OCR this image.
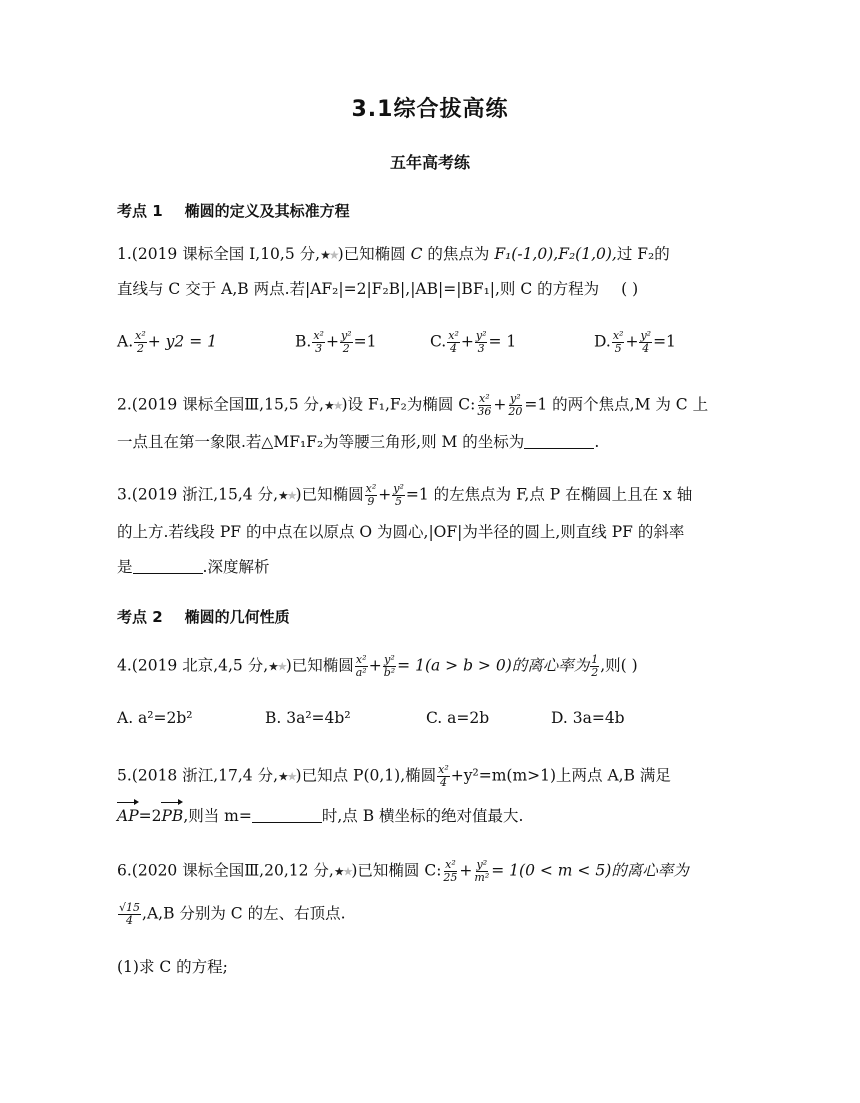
3.1综合拔高练
五年高考练
考点 1 椭圆的定义及其标准方程
1.(2019 课标全国 Ⅰ,10,5 分,★★)已知椭圆 C 的焦点为 F₁(-1,0),F₂(1,0),过 F₂的
直线与 C 交于 A,B 两点.若|AF₂|=2|F₂B|,|AB|=|BF₁|,则 C 的方程为 ( )
A. $\frac{\text{x²}}{2} + y2 = 1$	B. $\frac{\text{x²}}{3} + \frac{\text{y²}}{2} =1$	C. $\frac{\text{x²}}{4} + \frac{\text{y²}}{3} = 1$	D. $\frac{\text{x²}}{5} + \frac{\text{y²}}{4} =1$
2.(2019 课标全国Ⅲ,15,5 分,★★)设 F₁,F₂为椭圆 C: $\frac{\text{x²}}{36} + \frac{\text{y²}}{20} =1$ 的两个焦点,M 为 C 上
一点且在第一象限.若△MF₁F₂为等腰三角形,则 M 的坐标为	.
3.(2019 浙江,15,4 分,★★)已知椭圆 $\frac{\text{x²}}{9} + \frac{\text{y²}}{5} =1$ 的左焦点为 F,点 P 在椭圆上且在 x 轴
的上方.若线段 PF 的中点在以原点 O 为圆心,|OF|为半径的圆上,则直线 PF 的斜率
是	.深度解析
考点 2 椭圆的几何性质
4.(2019 北京,4,5 分,★★)已知椭圆 $\frac{\text{x²}}{\text{a²}} + \frac{\text{y²}}{\text{b²}} = 1(a > b > 0)$的离心率为 $\frac{1}{2}$ ,则( )
A. a²=2b²	B. 3a²=4b²	C. a=2b	D. 3a=4b
5.(2018 浙江,17,4 分,★★)已知点 P(0,1),椭圆 $\frac{\text{x²}}{4} +y^2=m(m>1)$上两点 A,B 满足
AP=2PB,则当 m=	时,点 B 横坐标的绝对值最大.
6.(2020 课标全国Ⅲ,20,12 分,★★)已知椭圆 C: $\frac{\text{x²}}{25} + \frac{\text{y²}}{\text{m²}} = 1(0 < m < 5)$的离心率为
$\frac{√15}{4} ,A,B$ 分别为 C 的左、右顶点.
(1)求 C 的方程;
